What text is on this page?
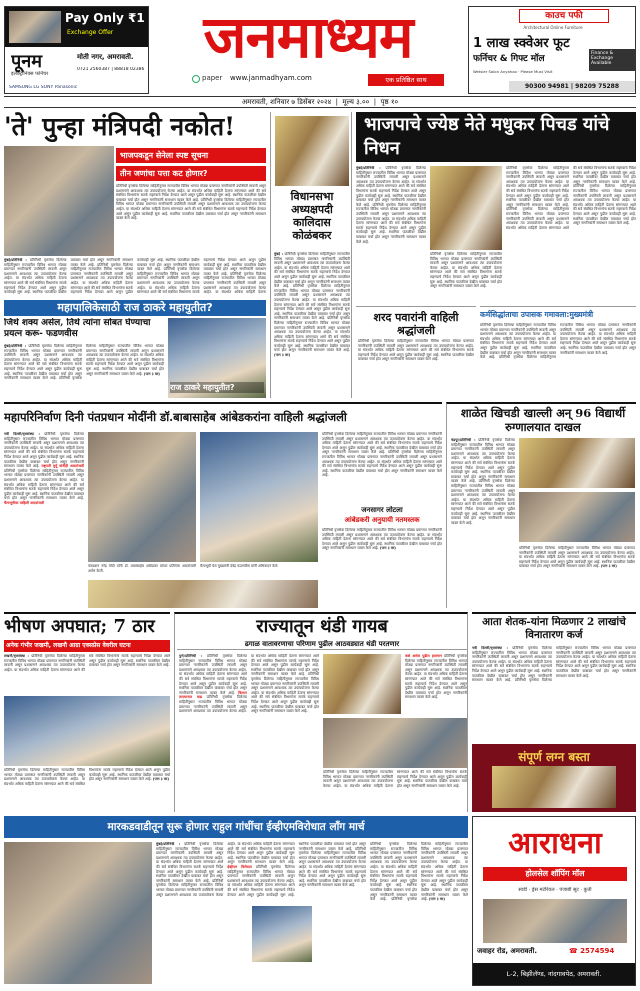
Pay Only ₹1
Exchange Offer
पूनम
इलेक्ट्रॉनिक्स फर्निचर
मोती नगर, अमरावती.
0721 2560387 | 88818 02386
SAMSUNG LG SONY Panasonic
जनमाध्यम
paper	www.janmadhyam.com	एक प्रतिष्ठित साथ
काउच पफी
Architectural Online Furniture
1 लाख स्क्वेअर फूट
फर्निचर & गिफ्ट मॉल
Finance & Exchange Available
Wetsier Salon Anyahoo · Please Must Visit
90300 94981 | 98209 75288
अमरावती, शनिवार ७ डिसेंबर २०२४  |  मूल्य ३.००  |  पृष्ठ १०
'ते' पुन्हा मंत्रिपदी नकोत!
भाजपकडून सेनेला स्पष्ट सूचना
तीन जणांचा पत्ता कट होणार?
प्रतिनिधी वृत्तसेवा दिलेल्या माहितीनुसार राज्यातील विविध भागात मोठ्या प्रमाणात नागरिकांनी उपस्थिती लावली असून प्रशासनाने आवश्यक त्या उपाययोजना केल्या आहेत. या संदर्भात अधिक माहिती देताना सांगण्यात आले की सर्व संबंधित विभागांना सतर्क राहण्याचे निर्देश देण्यात आले असून पुढील कार्यवाही सुरू आहे. स्थानिक पातळीवर देखील याबाबत चर्चा होत असून नागरिकांनी समाधान व्यक्त केले आहे. प्रतिनिधी वृत्तसेवा दिलेल्या माहितीनुसार राज्यातील विविध भागात मोठ्या प्रमाणात नागरिकांनी उपस्थिती लावली असून प्रशासनाने आवश्यक त्या उपाययोजना केल्या आहेत. या संदर्भात अधिक माहिती देताना सांगण्यात आले की सर्व संबंधित विभागांना सतर्क राहण्याचे निर्देश देण्यात आले असून पुढील कार्यवाही सुरू आहे. स्थानिक पातळीवर देखील याबाबत चर्चा होत असून नागरिकांनी समाधान व्यक्त केले आहे.
मुंबई/प्रतिनिधी : प्रतिनिधी वृत्तसेवा दिलेल्या माहितीनुसार राज्यातील विविध भागात मोठ्या प्रमाणात नागरिकांनी उपस्थिती लावली असून प्रशासनाने आवश्यक त्या उपाययोजना केल्या आहेत. या संदर्भात अधिक माहिती देताना सांगण्यात आले की सर्व संबंधित विभागांना सतर्क राहण्याचे निर्देश देण्यात आले असून पुढील कार्यवाही सुरू आहे. स्थानिक पातळीवर देखील याबाबत चर्चा होत असून नागरिकांनी समाधान व्यक्त केले आहे. प्रतिनिधी वृत्तसेवा दिलेल्या माहितीनुसार राज्यातील विविध भागात मोठ्या प्रमाणात नागरिकांनी उपस्थिती लावली असून प्रशासनाने आवश्यक त्या उपाययोजना केल्या आहेत. या संदर्भात अधिक माहिती देताना सांगण्यात आले की सर्व संबंधित विभागांना सतर्क राहण्याचे निर्देश देण्यात आले असून पुढील कार्यवाही सुरू आहे. स्थानिक पातळीवर देखील याबाबत चर्चा होत असून नागरिकांनी समाधान व्यक्त केले आहे. प्रतिनिधी वृत्तसेवा दिलेल्या माहितीनुसार राज्यातील विविध भागात मोठ्या प्रमाणात नागरिकांनी उपस्थिती लावली असून प्रशासनाने आवश्यक त्या उपाययोजना केल्या आहेत. या संदर्भात अधिक माहिती देताना सांगण्यात आले की सर्व संबंधित विभागांना सतर्क राहण्याचे निर्देश देण्यात आले असून पुढील कार्यवाही सुरू आहे. स्थानिक पातळीवर देखील याबाबत चर्चा होत असून नागरिकांनी समाधान व्यक्त केले आहे. प्रतिनिधी वृत्तसेवा दिलेल्या माहितीनुसार राज्यातील विविध भागात मोठ्या प्रमाणात नागरिकांनी उपस्थिती लावली असून प्रशासनाने आवश्यक त्या उपाययोजना केल्या आहेत. या संदर्भात अधिक माहिती देताना
महापालिकेसाठी राज ठाकरे महायुतीत?
जिथे शक्य असेल, तिथे त्यांना सोबत घेण्याचा प्रयत्न करू- फडणवीस
मुंबई/प्रतिनिधी : प्रतिनिधी वृत्तसेवा दिलेल्या माहितीनुसार राज्यातील विविध भागात मोठ्या प्रमाणात नागरिकांनी उपस्थिती लावली असून प्रशासनाने आवश्यक त्या उपाययोजना केल्या आहेत. या संदर्भात अधिक माहिती देताना सांगण्यात आले की सर्व संबंधित विभागांना सतर्क राहण्याचे निर्देश देण्यात आले असून पुढील कार्यवाही सुरू आहे. स्थानिक पातळीवर देखील याबाबत चर्चा होत असून नागरिकांनी समाधान व्यक्त केले आहे. प्रतिनिधी वृत्तसेवा दिलेल्या माहितीनुसार राज्यातील विविध भागात मोठ्या प्रमाणात नागरिकांनी उपस्थिती लावली असून प्रशासनाने आवश्यक त्या उपाययोजना केल्या आहेत. या संदर्भात अधिक माहिती देताना सांगण्यात आले की सर्व संबंधित विभागांना सतर्क राहण्याचे निर्देश देण्यात आले असून पुढील कार्यवाही सुरू आहे. स्थानिक पातळीवर देखील याबाबत चर्चा होत असून नागरिकांनी समाधान व्यक्त केले आहे. (पान ३ वर)
राज ठाकरे महायुतीत?
विधानसभा अध्यक्षपदी कालिदास कोळंबकर
मुंबई : प्रतिनिधी वृत्तसेवा दिलेल्या माहितीनुसार राज्यातील विविध भागात मोठ्या प्रमाणात नागरिकांनी उपस्थिती लावली असून प्रशासनाने आवश्यक त्या उपाययोजना केल्या आहेत. या संदर्भात अधिक माहिती देताना सांगण्यात आले की सर्व संबंधित विभागांना सतर्क राहण्याचे निर्देश देण्यात आले असून पुढील कार्यवाही सुरू आहे. स्थानिक पातळीवर देखील याबाबत चर्चा होत असून नागरिकांनी समाधान व्यक्त केले आहे. प्रतिनिधी वृत्तसेवा दिलेल्या माहितीनुसार राज्यातील विविध भागात मोठ्या प्रमाणात नागरिकांनी उपस्थिती लावली असून प्रशासनाने आवश्यक त्या उपाययोजना केल्या आहेत. या संदर्भात अधिक माहिती देताना सांगण्यात आले की सर्व संबंधित विभागांना सतर्क राहण्याचे निर्देश देण्यात आले असून पुढील कार्यवाही सुरू आहे. स्थानिक पातळीवर देखील याबाबत चर्चा होत असून नागरिकांनी समाधान व्यक्त केले आहे. प्रतिनिधी वृत्तसेवा दिलेल्या माहितीनुसार राज्यातील विविध भागात मोठ्या प्रमाणात नागरिकांनी उपस्थिती लावली असून प्रशासनाने आवश्यक त्या उपाययोजना केल्या आहेत. या संदर्भात अधिक माहिती देताना सांगण्यात आले की सर्व संबंधित विभागांना सतर्क राहण्याचे निर्देश देण्यात आले असून पुढील कार्यवाही सुरू आहे. स्थानिक पातळीवर देखील याबाबत चर्चा होत असून नागरिकांनी समाधान व्यक्त केले आहे. (पान ३ वर)
भाजपाचे ज्येष्ठ नेते मधुकर पिचड यांचे निधन
मुंबई/प्रतिनिधी : प्रतिनिधी वृत्तसेवा दिलेल्या माहितीनुसार राज्यातील विविध भागात मोठ्या प्रमाणात नागरिकांनी उपस्थिती लावली असून प्रशासनाने आवश्यक त्या उपाययोजना केल्या आहेत. या संदर्भात अधिक माहिती देताना सांगण्यात आले की सर्व संबंधित विभागांना सतर्क राहण्याचे निर्देश देण्यात आले असून पुढील कार्यवाही सुरू आहे. स्थानिक पातळीवर देखील याबाबत चर्चा होत असून नागरिकांनी समाधान व्यक्त केले आहे. प्रतिनिधी वृत्तसेवा दिलेल्या माहितीनुसार राज्यातील विविध भागात मोठ्या प्रमाणात नागरिकांनी उपस्थिती लावली असून प्रशासनाने आवश्यक त्या उपाययोजना केल्या आहेत. या संदर्भात अधिक माहिती देताना सांगण्यात आले की सर्व संबंधित विभागांना सतर्क राहण्याचे निर्देश देण्यात आले असून पुढील कार्यवाही सुरू आहे. स्थानिक पातळीवर देखील याबाबत चर्चा होत असून नागरिकांनी समाधान व्यक्त केले आहे.
प्रतिनिधी वृत्तसेवा दिलेल्या माहितीनुसार राज्यातील विविध भागात मोठ्या प्रमाणात नागरिकांनी उपस्थिती लावली असून प्रशासनाने आवश्यक त्या उपाययोजना केल्या आहेत. या संदर्भात अधिक माहिती देताना सांगण्यात आले की सर्व संबंधित विभागांना सतर्क राहण्याचे निर्देश देण्यात आले असून पुढील कार्यवाही सुरू आहे. स्थानिक पातळीवर देखील याबाबत चर्चा होत असून नागरिकांनी समाधान व्यक्त केले आहे.
प्रतिनिधी वृत्तसेवा दिलेल्या माहितीनुसार राज्यातील विविध भागात मोठ्या प्रमाणात नागरिकांनी उपस्थिती लावली असून प्रशासनाने आवश्यक त्या उपाययोजना केल्या आहेत. या संदर्भात अधिक माहिती देताना सांगण्यात आले की सर्व संबंधित विभागांना सतर्क राहण्याचे निर्देश देण्यात आले असून पुढील कार्यवाही सुरू आहे. स्थानिक पातळीवर देखील याबाबत चर्चा होत असून नागरिकांनी समाधान व्यक्त केले आहे. प्रतिनिधी वृत्तसेवा दिलेल्या माहितीनुसार राज्यातील विविध भागात मोठ्या प्रमाणात नागरिकांनी उपस्थिती लावली असून प्रशासनाने आवश्यक त्या उपाययोजना केल्या आहेत. या संदर्भात अधिक माहिती देताना सांगण्यात आले की सर्व संबंधित विभागांना सतर्क राहण्याचे निर्देश देण्यात आले असून पुढील कार्यवाही सुरू आहे. स्थानिक पातळीवर देखील याबाबत चर्चा होत असून नागरिकांनी समाधान व्यक्त केले आहे. प्रतिनिधी वृत्तसेवा दिलेल्या माहितीनुसार राज्यातील विविध भागात मोठ्या प्रमाणात नागरिकांनी उपस्थिती लावली असून प्रशासनाने आवश्यक त्या उपाययोजना केल्या आहेत. या संदर्भात अधिक माहिती देताना सांगण्यात आले की सर्व संबंधित विभागांना सतर्क राहण्याचे निर्देश देण्यात आले असून पुढील कार्यवाही सुरू आहे. स्थानिक पातळीवर देखील याबाबत चर्चा होत असून नागरिकांनी समाधान व्यक्त केले आहे.
शरद पवारांनी वाहिली श्रद्धांजली
प्रतिनिधी वृत्तसेवा दिलेल्या माहितीनुसार राज्यातील विविध भागात मोठ्या प्रमाणात नागरिकांनी उपस्थिती लावली असून प्रशासनाने आवश्यक त्या उपाययोजना केल्या आहेत. या संदर्भात अधिक माहिती देताना सांगण्यात आले की सर्व संबंधित विभागांना सतर्क राहण्याचे निर्देश देण्यात आले असून पुढील कार्यवाही सुरू आहे. स्थानिक पातळीवर देखील याबाबत चर्चा होत असून नागरिकांनी समाधान व्यक्त केले आहे.
कर्मसिद्धांताचा उपासक गमावला:मुख्यमंत्री
प्रतिनिधी वृत्तसेवा दिलेल्या माहितीनुसार राज्यातील विविध भागात मोठ्या प्रमाणात नागरिकांनी उपस्थिती लावली असून प्रशासनाने आवश्यक त्या उपाययोजना केल्या आहेत. या संदर्भात अधिक माहिती देताना सांगण्यात आले की सर्व संबंधित विभागांना सतर्क राहण्याचे निर्देश देण्यात आले असून पुढील कार्यवाही सुरू आहे. स्थानिक पातळीवर देखील याबाबत चर्चा होत असून नागरिकांनी समाधान व्यक्त केले आहे. प्रतिनिधी वृत्तसेवा दिलेल्या माहितीनुसार राज्यातील विविध भागात मोठ्या प्रमाणात नागरिकांनी उपस्थिती लावली असून प्रशासनाने आवश्यक त्या उपाययोजना केल्या आहेत. या संदर्भात अधिक माहिती देताना सांगण्यात आले की सर्व संबंधित विभागांना सतर्क राहण्याचे निर्देश देण्यात आले असून पुढील कार्यवाही सुरू आहे. स्थानिक पातळीवर देखील याबाबत चर्चा होत असून नागरिकांनी समाधान व्यक्त केले आहे.
महापरिनिर्वाण दिनी पंतप्रधान मोदींनी डॉ.बाबासाहेब आंबेडकरांना वाहिली श्रद्धांजली
नवी दिल्ली/वृत्तसंस्था : प्रतिनिधी वृत्तसेवा दिलेल्या माहितीनुसार राज्यातील विविध भागात मोठ्या प्रमाणात नागरिकांनी उपस्थिती लावली असून प्रशासनाने आवश्यक त्या उपाययोजना केल्या आहेत. या संदर्भात अधिक माहिती देताना सांगण्यात आले की सर्व संबंधित विभागांना सतर्क राहण्याचे निर्देश देण्यात आले असून पुढील कार्यवाही सुरू आहे. स्थानिक पातळीवर देखील याबाबत चर्चा होत असून नागरिकांनी समाधान व्यक्त केले आहे. राष्ट्रपती मुर्मू यांनीही आदरांजली प्रतिनिधी वृत्तसेवा दिलेल्या माहितीनुसार राज्यातील विविध भागात मोठ्या प्रमाणात नागरिकांनी उपस्थिती लावली असून प्रशासनाने आवश्यक त्या उपाययोजना केल्या आहेत. या संदर्भात अधिक माहिती देताना सांगण्यात आले की सर्व संबंधित विभागांना सतर्क राहण्याचे निर्देश देण्यात आले असून पुढील कार्यवाही सुरू आहे. स्थानिक पातळीवर देखील याबाबत चर्चा होत असून नागरिकांनी समाधान व्यक्त केले आहे. चैत्यभूमीवर वाहिली आदरांजली
पंतप्रधान नरेंद्र मोदी यांनी डॉ. बाबासाहेब आंबेडकर यांच्या प्रतिमेला आदरांजली अर्पण केली.
चैत्यभूमी येथे मुख्यमंत्री देवेंद्र फडणवीस यांनी अभिवादन केले.
प्रतिनिधी वृत्तसेवा दिलेल्या माहितीनुसार राज्यातील विविध भागात मोठ्या प्रमाणात नागरिकांनी उपस्थिती लावली असून प्रशासनाने आवश्यक त्या उपाययोजना केल्या आहेत. या संदर्भात अधिक माहिती देताना सांगण्यात आले की सर्व संबंधित विभागांना सतर्क राहण्याचे निर्देश देण्यात आले असून पुढील कार्यवाही सुरू आहे. स्थानिक पातळीवर देखील याबाबत चर्चा होत असून नागरिकांनी समाधान व्यक्त केले आहे. प्रतिनिधी वृत्तसेवा दिलेल्या माहितीनुसार राज्यातील विविध भागात मोठ्या प्रमाणात नागरिकांनी उपस्थिती लावली असून प्रशासनाने आवश्यक त्या उपाययोजना केल्या आहेत. या संदर्भात अधिक माहिती देताना सांगण्यात आले की सर्व संबंधित विभागांना सतर्क राहण्याचे निर्देश देण्यात आले असून पुढील कार्यवाही सुरू आहे. स्थानिक पातळीवर देखील याबाबत चर्चा होत असून नागरिकांनी समाधान व्यक्त केले आहे.
जनसागर लोटला
आंबेडकरी अनुयायी नतमस्तक
प्रतिनिधी वृत्तसेवा दिलेल्या माहितीनुसार राज्यातील विविध भागात मोठ्या प्रमाणात नागरिकांनी उपस्थिती लावली असून प्रशासनाने आवश्यक त्या उपाययोजना केल्या आहेत. या संदर्भात अधिक माहिती देताना सांगण्यात आले की सर्व संबंधित विभागांना सतर्क राहण्याचे निर्देश देण्यात आले असून पुढील कार्यवाही सुरू आहे. स्थानिक पातळीवर देखील याबाबत चर्चा होत असून नागरिकांनी समाधान व्यक्त केले आहे. (पान ३ वर)
शाळेत खिचडी खाल्ली अन् 96 विद्यार्थी रुग्णालयात दाखल
चंद्रपूर/प्रतिनिधी : प्रतिनिधी वृत्तसेवा दिलेल्या माहितीनुसार राज्यातील विविध भागात मोठ्या प्रमाणात नागरिकांनी उपस्थिती लावली असून प्रशासनाने आवश्यक त्या उपाययोजना केल्या आहेत. या संदर्भात अधिक माहिती देताना सांगण्यात आले की सर्व संबंधित विभागांना सतर्क राहण्याचे निर्देश देण्यात आले असून पुढील कार्यवाही सुरू आहे. स्थानिक पातळीवर देखील याबाबत चर्चा होत असून नागरिकांनी समाधान व्यक्त केले आहे. प्रतिनिधी वृत्तसेवा दिलेल्या माहितीनुसार राज्यातील विविध भागात मोठ्या प्रमाणात नागरिकांनी उपस्थिती लावली असून प्रशासनाने आवश्यक त्या उपाययोजना केल्या आहेत. या संदर्भात अधिक माहिती देताना सांगण्यात आले की सर्व संबंधित विभागांना सतर्क राहण्याचे निर्देश देण्यात आले असून पुढील कार्यवाही सुरू आहे. स्थानिक पातळीवर देखील याबाबत चर्चा होत असून नागरिकांनी समाधान व्यक्त केले आहे.
प्रतिनिधी वृत्तसेवा दिलेल्या माहितीनुसार राज्यातील विविध भागात मोठ्या प्रमाणात नागरिकांनी उपस्थिती लावली असून प्रशासनाने आवश्यक त्या उपाययोजना केल्या आहेत. या संदर्भात अधिक माहिती देताना सांगण्यात आले की सर्व संबंधित विभागांना सतर्क राहण्याचे निर्देश देण्यात आले असून पुढील कार्यवाही सुरू आहे. स्थानिक पातळीवर देखील याबाबत चर्चा होत असून नागरिकांनी समाधान व्यक्त केले आहे. (पान ३ वर)
भीषण अपघात; 7 ठार
अनेक गंभीर जखमी, लखनौ आग्रा एक्सप्रेस वेवरील घटना
लखनौ/वृत्तसंस्था : प्रतिनिधी वृत्तसेवा दिलेल्या माहितीनुसार राज्यातील विविध भागात मोठ्या प्रमाणात नागरिकांनी उपस्थिती लावली असून प्रशासनाने आवश्यक त्या उपाययोजना केल्या आहेत. या संदर्भात अधिक माहिती देताना सांगण्यात आले की सर्व संबंधित विभागांना सतर्क राहण्याचे निर्देश देण्यात आले असून पुढील कार्यवाही सुरू आहे. स्थानिक पातळीवर देखील याबाबत चर्चा होत असून नागरिकांनी समाधान व्यक्त केले आहे.
प्रतिनिधी वृत्तसेवा दिलेल्या माहितीनुसार राज्यातील विविध भागात मोठ्या प्रमाणात नागरिकांनी उपस्थिती लावली असून प्रशासनाने आवश्यक त्या उपाययोजना केल्या आहेत. या संदर्भात अधिक माहिती देताना सांगण्यात आले की सर्व संबंधित विभागांना सतर्क राहण्याचे निर्देश देण्यात आले असून पुढील कार्यवाही सुरू आहे. स्थानिक पातळीवर देखील याबाबत चर्चा होत असून नागरिकांनी समाधान व्यक्त केले आहे. (पान ३ वर)
राज्यातून थंडी गायब
ढगाळ वातावरणाचा परिणाम पुढील आठवड्यात थंडी परतणार
पुणे/प्रतिनिधी : प्रतिनिधी वृत्तसेवा दिलेल्या माहितीनुसार राज्यातील विविध भागात मोठ्या प्रमाणात नागरिकांनी उपस्थिती लावली असून प्रशासनाने आवश्यक त्या उपाययोजना केल्या आहेत. या संदर्भात अधिक माहिती देताना सांगण्यात आले की सर्व संबंधित विभागांना सतर्क राहण्याचे निर्देश देण्यात आले असून पुढील कार्यवाही सुरू आहे. स्थानिक पातळीवर देखील याबाबत चर्चा होत असून नागरिकांनी समाधान व्यक्त केले आहे. किमान तापमानात वाढ प्रतिनिधी वृत्तसेवा दिलेल्या माहितीनुसार राज्यातील विविध भागात मोठ्या प्रमाणात नागरिकांनी उपस्थिती लावली असून प्रशासनाने आवश्यक त्या उपाययोजना केल्या आहेत. या संदर्भात अधिक माहिती देताना सांगण्यात आले की सर्व संबंधित विभागांना सतर्क राहण्याचे निर्देश देण्यात आले असून पुढील कार्यवाही सुरू आहे. स्थानिक पातळीवर देखील याबाबत चर्चा होत असून नागरिकांनी समाधान व्यक्त केले आहे. प्रतिनिधी वृत्तसेवा दिलेल्या माहितीनुसार राज्यातील विविध भागात मोठ्या प्रमाणात नागरिकांनी उपस्थिती लावली असून प्रशासनाने आवश्यक त्या उपाययोजना केल्या आहेत. या संदर्भात अधिक माहिती देताना सांगण्यात आले की सर्व संबंधित विभागांना सतर्क राहण्याचे निर्देश देण्यात आले असून पुढील कार्यवाही सुरू आहे. स्थानिक पातळीवर देखील याबाबत चर्चा होत असून नागरिकांनी समाधान व्यक्त केले आहे.
कसे असेल पुढील हवामान प्रतिनिधी वृत्तसेवा दिलेल्या माहितीनुसार राज्यातील विविध भागात मोठ्या प्रमाणात नागरिकांनी उपस्थिती लावली असून प्रशासनाने आवश्यक त्या उपाययोजना केल्या आहेत. या संदर्भात अधिक माहिती देताना सांगण्यात आले की सर्व संबंधित विभागांना सतर्क राहण्याचे निर्देश देण्यात आले असून पुढील कार्यवाही सुरू आहे. स्थानिक पातळीवर देखील याबाबत चर्चा होत असून नागरिकांनी समाधान व्यक्त केले आहे.
प्रतिनिधी वृत्तसेवा दिलेल्या माहितीनुसार राज्यातील विविध भागात मोठ्या प्रमाणात नागरिकांनी उपस्थिती लावली असून प्रशासनाने आवश्यक त्या उपाययोजना केल्या आहेत. या संदर्भात अधिक माहिती देताना सांगण्यात आले की सर्व संबंधित विभागांना सतर्क राहण्याचे निर्देश देण्यात आले असून पुढील कार्यवाही सुरू आहे. स्थानिक पातळीवर देखील याबाबत चर्चा होत असून नागरिकांनी समाधान व्यक्त केले आहे.
आता शेतक-यांना मिळणार 2 लाखांचे विनातारण कर्ज
नवी दिल्ली/वृत्तसंस्था : प्रतिनिधी वृत्तसेवा दिलेल्या माहितीनुसार राज्यातील विविध भागात मोठ्या प्रमाणात नागरिकांनी उपस्थिती लावली असून प्रशासनाने आवश्यक त्या उपाययोजना केल्या आहेत. या संदर्भात अधिक माहिती देताना सांगण्यात आले की सर्व संबंधित विभागांना सतर्क राहण्याचे निर्देश देण्यात आले असून पुढील कार्यवाही सुरू आहे. स्थानिक पातळीवर देखील याबाबत चर्चा होत असून नागरिकांनी समाधान व्यक्त केले आहे. प्रतिनिधी वृत्तसेवा दिलेल्या माहितीनुसार राज्यातील विविध भागात मोठ्या प्रमाणात नागरिकांनी उपस्थिती लावली असून प्रशासनाने आवश्यक त्या उपाययोजना केल्या आहेत. या संदर्भात अधिक माहिती देताना सांगण्यात आले की सर्व संबंधित विभागांना सतर्क राहण्याचे निर्देश देण्यात आले असून पुढील कार्यवाही सुरू आहे. स्थानिक पातळीवर देखील याबाबत चर्चा होत असून नागरिकांनी समाधान व्यक्त केले आहे.
संपूर्ण लग्न बस्ता
मारकडवाडीतून सुरू होणार राहुल गांधींचा ईव्हीएमविरोधात लॉंग मार्च
मुंबई/प्रतिनिधी : प्रतिनिधी वृत्तसेवा दिलेल्या माहितीनुसार राज्यातील विविध भागात मोठ्या प्रमाणात नागरिकांनी उपस्थिती लावली असून प्रशासनाने आवश्यक त्या उपाययोजना केल्या आहेत. या संदर्भात अधिक माहिती देताना सांगण्यात आले की सर्व संबंधित विभागांना सतर्क राहण्याचे निर्देश देण्यात आले असून पुढील कार्यवाही सुरू आहे. स्थानिक पातळीवर देखील याबाबत चर्चा होत असून नागरिकांनी समाधान व्यक्त केले आहे. प्रतिनिधी वृत्तसेवा दिलेल्या माहितीनुसार राज्यातील विविध भागात मोठ्या प्रमाणात नागरिकांनी उपस्थिती लावली असून प्रशासनाने आवश्यक त्या उपाययोजना केल्या आहेत. या संदर्भात अधिक माहिती देताना सांगण्यात आले की सर्व संबंधित विभागांना सतर्क राहण्याचे निर्देश देण्यात आले असून पुढील कार्यवाही सुरू आहे. स्थानिक पातळीवर देखील याबाबत चर्चा होत असून नागरिकांनी समाधान व्यक्त केले आहे. ईव्हीएम विरोधात प्रतिनिधी वृत्तसेवा दिलेल्या माहितीनुसार राज्यातील विविध भागात मोठ्या प्रमाणात नागरिकांनी उपस्थिती लावली असून प्रशासनाने आवश्यक त्या उपाययोजना केल्या आहेत. या संदर्भात अधिक माहिती देताना सांगण्यात आले की सर्व संबंधित विभागांना सतर्क राहण्याचे निर्देश देण्यात आले असून पुढील कार्यवाही सुरू आहे. स्थानिक पातळीवर देखील याबाबत चर्चा होत असून नागरिकांनी समाधान व्यक्त केले आहे. प्रतिनिधी वृत्तसेवा दिलेल्या माहितीनुसार राज्यातील विविध भागात मोठ्या प्रमाणात नागरिकांनी उपस्थिती लावली असून प्रशासनाने आवश्यक त्या उपाययोजना केल्या आहेत. या संदर्भात अधिक माहिती देताना सांगण्यात आले की सर्व संबंधित विभागांना सतर्क राहण्याचे निर्देश देण्यात आले असून पुढील कार्यवाही सुरू आहे. स्थानिक पातळीवर देखील याबाबत चर्चा होत असून नागरिकांनी समाधान व्यक्त केले आहे.
प्रतिनिधी वृत्तसेवा दिलेल्या माहितीनुसार राज्यातील विविध भागात मोठ्या प्रमाणात नागरिकांनी उपस्थिती लावली असून प्रशासनाने आवश्यक त्या उपाययोजना केल्या आहेत. या संदर्भात अधिक माहिती देताना सांगण्यात आले की सर्व संबंधित विभागांना सतर्क राहण्याचे निर्देश देण्यात आले असून पुढील कार्यवाही सुरू आहे. स्थानिक पातळीवर देखील याबाबत चर्चा होत असून नागरिकांनी समाधान व्यक्त केले आहे. प्रतिनिधी वृत्तसेवा दिलेल्या माहितीनुसार राज्यातील विविध भागात मोठ्या प्रमाणात नागरिकांनी उपस्थिती लावली असून प्रशासनाने आवश्यक त्या उपाययोजना केल्या आहेत. या संदर्भात अधिक माहिती देताना सांगण्यात आले की सर्व संबंधित विभागांना सतर्क राहण्याचे निर्देश देण्यात आले असून पुढील कार्यवाही सुरू आहे. स्थानिक पातळीवर देखील याबाबत चर्चा होत असून नागरिकांनी समाधान व्यक्त केले आहे. (पान ३ वर)
आराधना
होलसेल शॉपिंग मॉल
साडी · ड्रेस मटेरियल · पंजाबी सूट · कुर्ती
जवाहर रोड, अमरावती.	☎ 2574594
L-2, बिझीलॅण्ड, नांदगावपेठ, अमरावती.
